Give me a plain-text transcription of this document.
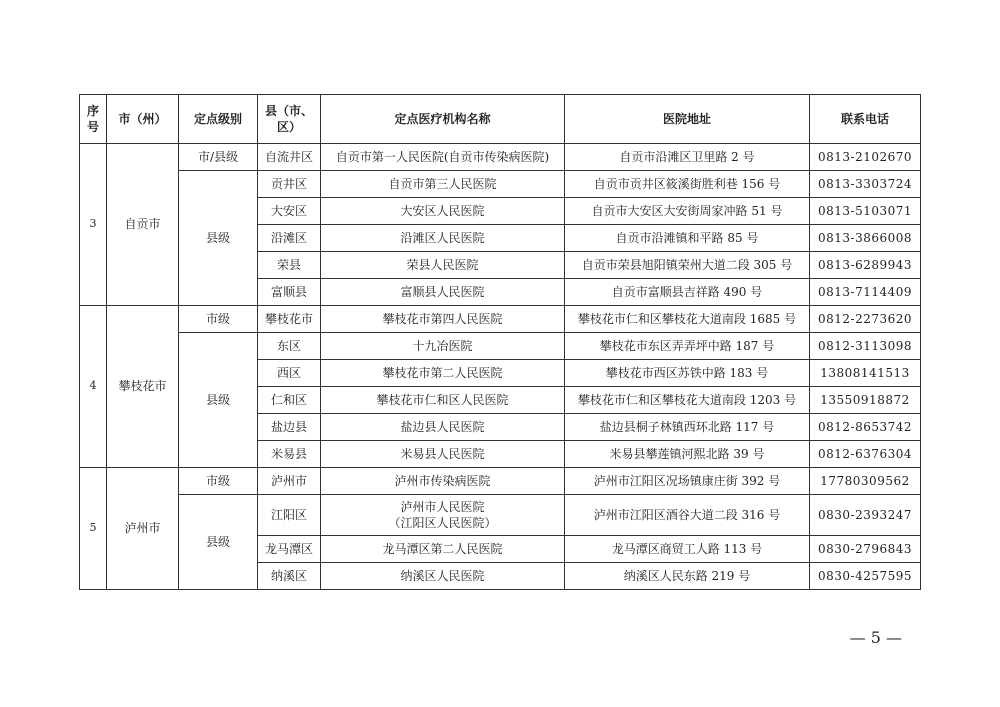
序号	市（州）	定点级别	县（市、区）	定点医疗机构名称	医院地址	联系电话
3	自贡市	市/县级	自流井区	自贡市第一人民医院(自贡市传染病医院)	自贡市沿滩区卫里路 2 号	0813-2102670
		县级	贡井区	自贡市第三人民医院	自贡市贡井区筱溪街胜利巷 156 号	0813-3303724
			大安区	大安区人民医院	自贡市大安区大安街周家冲路 51 号	0813-5103071
			沿滩区	沿滩区人民医院	自贡市沿滩镇和平路 85 号	0813-3866008
			荣县	荣县人民医院	自贡市荣县旭阳镇荣州大道二段 305 号	0813-6289943
			富顺县	富顺县人民医院	自贡市富顺县吉祥路 490 号	0813-7114409
4	攀枝花市	市级	攀枝花市	攀枝花市第四人民医院	攀枝花市仁和区攀枝花大道南段 1685 号	0812-2273620
		县级	东区	十九冶医院	攀枝花市东区弄弄坪中路 187 号	0812-3113098
			西区	攀枝花市第二人民医院	攀枝花市西区苏铁中路 183 号	13808141513
			仁和区	攀枝花市仁和区人民医院	攀枝花市仁和区攀枝花大道南段 1203 号	13550918872
			盐边县	盐边县人民医院	盐边县桐子林镇西环北路 117 号	0812-8653742
			米易县	米易县人民医院	米易县攀莲镇河熙北路 39 号	0812-6376304
5	泸州市	市级	泸州市	泸州市传染病医院	泸州市江阳区况场镇康庄街 392 号	17780309562
		县级	江阳区	泸州市人民医院
（江阳区人民医院）	泸州市江阳区酒谷大道二段 316 号	0830-2393247
			龙马潭区	龙马潭区第二人民医院	龙马潭区商贸工人路 113 号	0830-2796843
			纳溪区	纳溪区人民医院	纳溪区人民东路 219 号	0830-4257595
— 5 —
